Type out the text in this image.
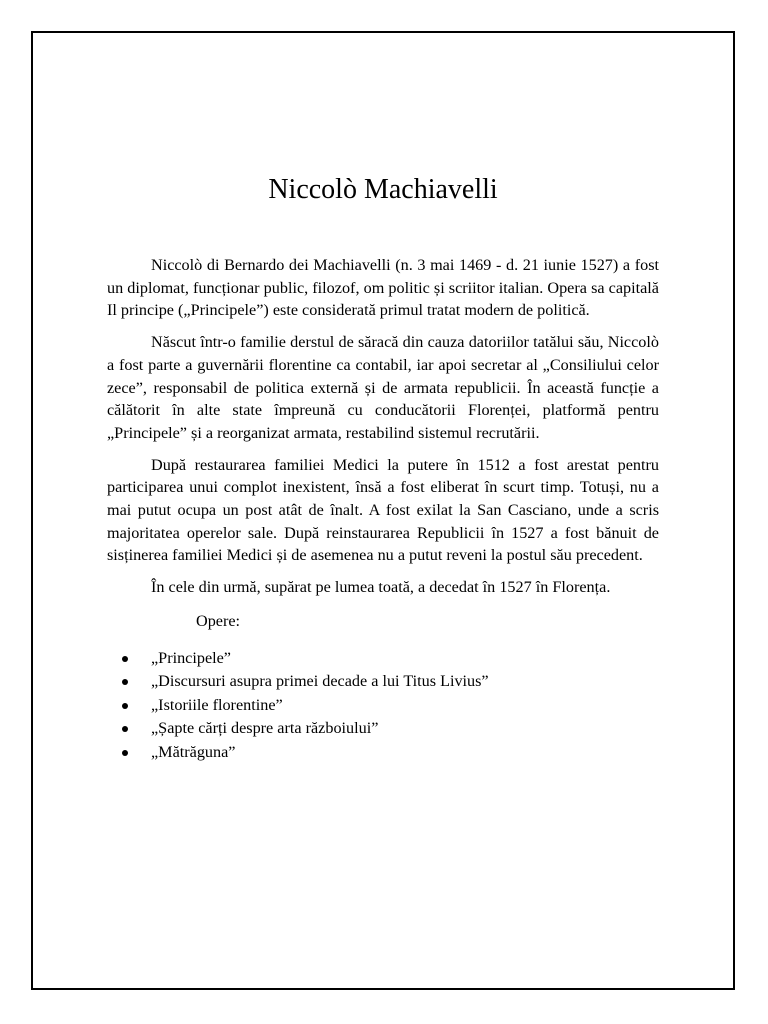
Niccolò Machiavelli

Niccolò di Bernardo dei Machiavelli (n. 3 mai 1469 - d. 21 iunie 1527) a fost un diplomat, funcționar public, filozof, om politic și scriitor italian. Opera sa capitală Il principe („Principele”) este considerată primul tratat modern de politică.

Născut într-o familie derstul de săracă din cauza datoriilor tatălui său, Niccolò a fost parte a guvernării florentine ca contabil, iar apoi secretar al „Consiliului celor zece”, responsabil de politica externă și de armata republicii. În această funcție a călătorit în alte state împreună cu conducătorii Florenței, platformă pentru „Principele” și a reorganizat armata, restabilind sistemul recrutării.

După restaurarea familiei Medici la putere în 1512 a fost arestat pentru participarea unui complot inexistent, însă a fost eliberat în scurt timp. Totuși, nu a mai putut ocupa un post atât de înalt. A fost exilat la San Casciano, unde a scris majoritatea operelor sale. După reinstaurarea Republicii în 1527 a fost bănuit de sisținerea familiei Medici și de asemenea nu a putut reveni la postul său precedent.

În cele din urmă, supărat pe lumea toată, a decedat în 1527 în Florența.

Opere:

„Principele”
„Discursuri asupra primei decade a lui Titus Livius”
„Istoriile florentine”
„Șapte cărți despre arta războiului”
„Mătrăguna”
